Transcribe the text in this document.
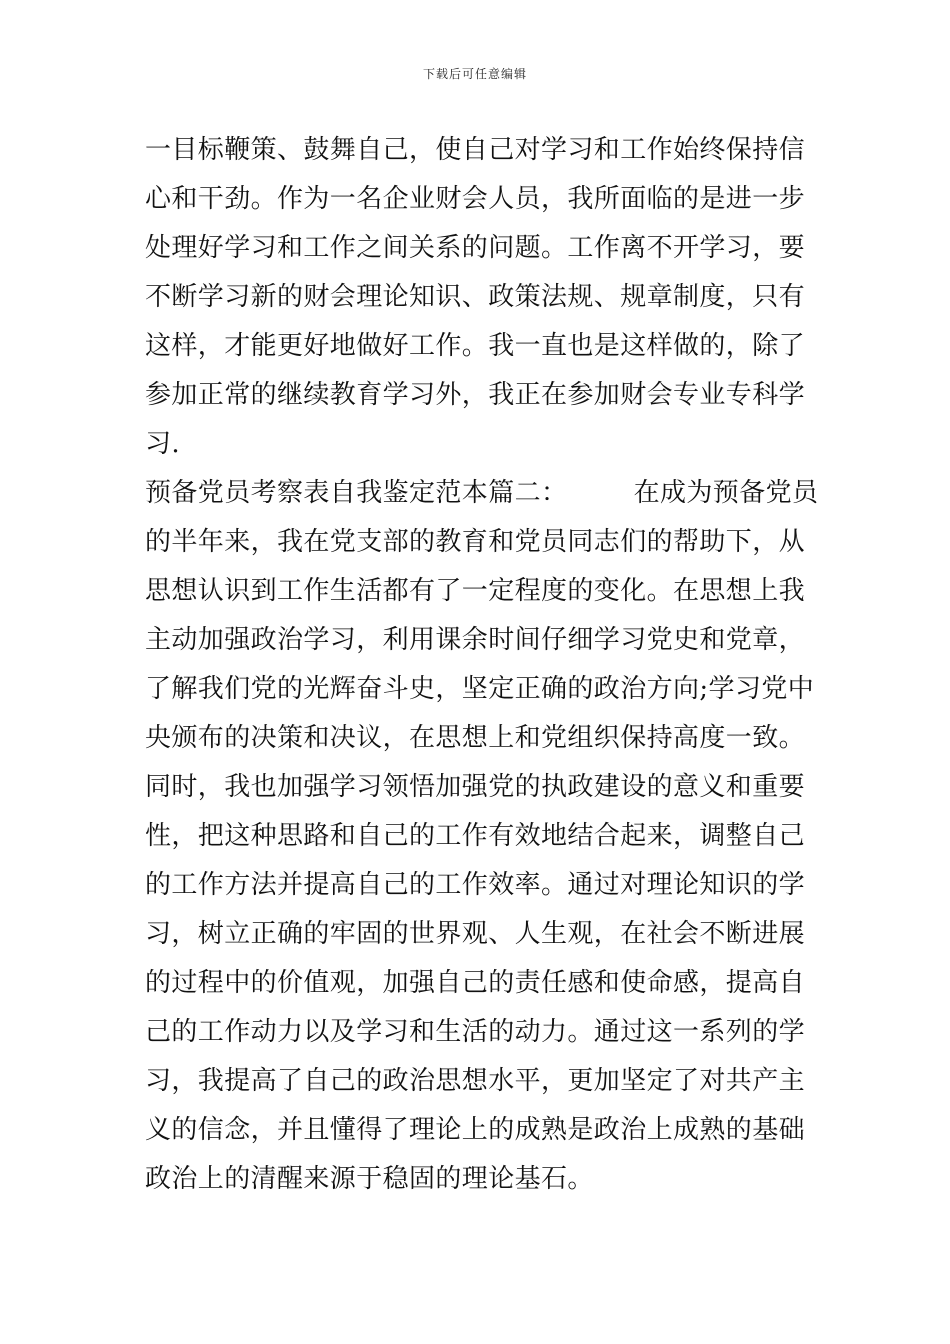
下载后可任意编辑
一目标鞭策、鼓舞自己，使自己对学习和工作始终保持信
心和干劲。作为一名企业财会人员，我所面临的是进一步
处理好学习和工作之间关系的问题。工作离不开学习，要
不断学习新的财会理论知识、政策法规、规章制度，只有
这样，才能更好地做好工作。我一直也是这样做的，除了
参加正常的继续教育学习外，我正在参加财会专业专科学
习.
预备党员考察表自我鉴定范本篇二：　　　在成为预备党员
的半年来，我在党支部的教育和党员同志们的帮助下，从
思想认识到工作生活都有了一定程度的变化。在思想上我
主动加强政治学习，利用课余时间仔细学习党史和党章，
了解我们党的光辉奋斗史，坚定正确的政治方向;学习党中
央颁布的决策和决议，在思想上和党组织保持高度一致。
同时，我也加强学习领悟加强党的执政建设的意义和重要
性，把这种思路和自己的工作有效地结合起来，调整自己
的工作方法并提高自己的工作效率。通过对理论知识的学
习，树立正确的牢固的世界观、人生观，在社会不断进展
的过程中的价值观，加强自己的责任感和使命感，提高自
己的工作动力以及学习和生活的动力。通过这一系列的学
习，我提高了自己的政治思想水平，更加坚定了对共产主
义的信念，并且懂得了理论上的成熟是政治上成熟的基础
政治上的清醒来源于稳固的理论基石。
